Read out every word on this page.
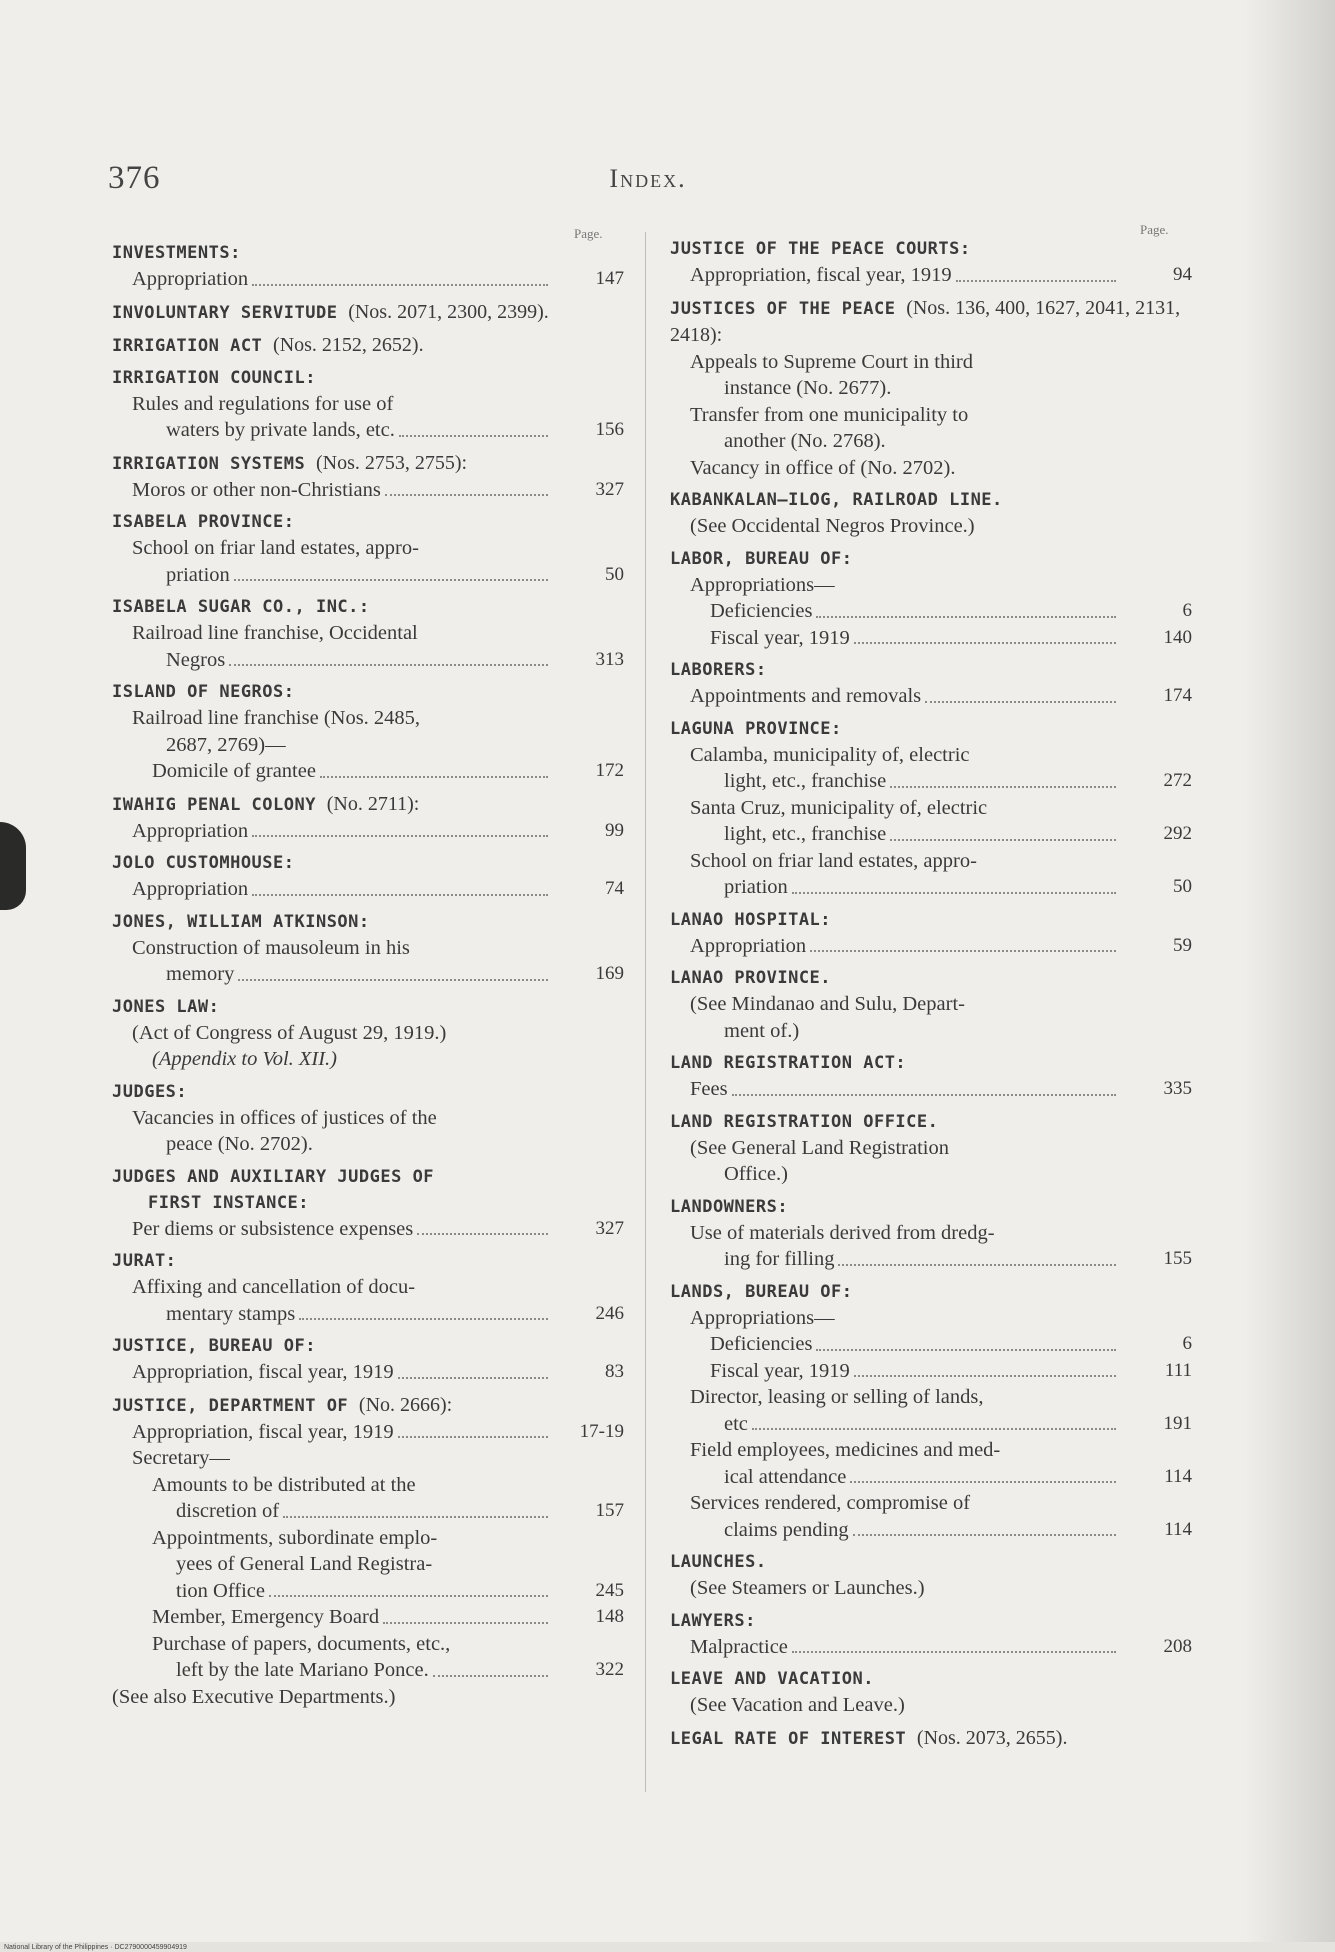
376	Index.
Page.	Page.
INVESTMENTS:
Appropriation	147
INVOLUNTARY SERVITUDE (Nos. 2071, 2300, 2399).
IRRIGATION ACT (Nos. 2152, 2652).
IRRIGATION COUNCIL:
Rules and regulations for use of
waters by private lands, etc.	156
IRRIGATION SYSTEMS (Nos. 2753, 2755):
Moros or other non-Christians	327
ISABELA PROVINCE:
School on friar land estates, appro-
priation	50
ISABELA SUGAR CO., INC.:
Railroad line franchise, Occidental
Negros	313
ISLAND OF NEGROS:
Railroad line franchise (Nos. 2485,
2687, 2769)—
Domicile of grantee	172
IWAHIG PENAL COLONY (No. 2711):
Appropriation	99
JOLO CUSTOMHOUSE:
Appropriation	74
JONES, WILLIAM ATKINSON:
Construction of mausoleum in his
memory	169
JONES LAW:
(Act of Congress of August 29, 1919.)
(Appendix to Vol. XII.)
JUDGES:
Vacancies in offices of justices of the
peace (No. 2702).
JUDGES AND AUXILIARY JUDGES OF
FIRST INSTANCE:
Per diems or subsistence expenses	327
JURAT:
Affixing and cancellation of docu-
mentary stamps	246
JUSTICE, BUREAU OF:
Appropriation, fiscal year, 1919	83
JUSTICE, DEPARTMENT OF (No. 2666):
Appropriation, fiscal year, 1919	17-19
Secretary—
Amounts to be distributed at the
discretion of	157
Appointments, subordinate emplo-
yees of General Land Registra-
tion Office	245
Member, Emergency Board	148
Purchase of papers, documents, etc.,
left by the late Mariano Ponce.	322
(See also Executive Departments.)
JUSTICE OF THE PEACE COURTS:
Appropriation, fiscal year, 1919	94
JUSTICES OF THE PEACE (Nos. 136, 400, 1627, 2041, 2131, 2418):
Appeals to Supreme Court in third
instance (No. 2677).
Transfer from one municipality to
another (No. 2768).
Vacancy in office of (No. 2702).
KABANKALAN–ILOG, RAILROAD LINE.
(See Occidental Negros Province.)
LABOR, BUREAU OF:
Appropriations—
Deficiencies	6
Fiscal year, 1919	140
LABORERS:
Appointments and removals	174
LAGUNA PROVINCE:
Calamba, municipality of, electric
light, etc., franchise	272
Santa Cruz, municipality of, electric
light, etc., franchise	292
School on friar land estates, appro-
priation	50
LANAO HOSPITAL:
Appropriation	59
LANAO PROVINCE.
(See Mindanao and Sulu, Depart-
ment of.)
LAND REGISTRATION ACT:
Fees	335
LAND REGISTRATION OFFICE.
(See General Land Registration
Office.)
LANDOWNERS:
Use of materials derived from dredg-
ing for filling	155
LANDS, BUREAU OF:
Appropriations—
Deficiencies	6
Fiscal year, 1919	111
Director, leasing or selling of lands,
etc	191
Field employees, medicines and med-
ical attendance	114
Services rendered, compromise of
claims pending	114
LAUNCHES.
(See Steamers or Launches.)
LAWYERS:
Malpractice	208
LEAVE AND VACATION.
(See Vacation and Leave.)
LEGAL RATE OF INTEREST (Nos. 2073, 2655).
National Library of the Philippines · DC2790000459904919
